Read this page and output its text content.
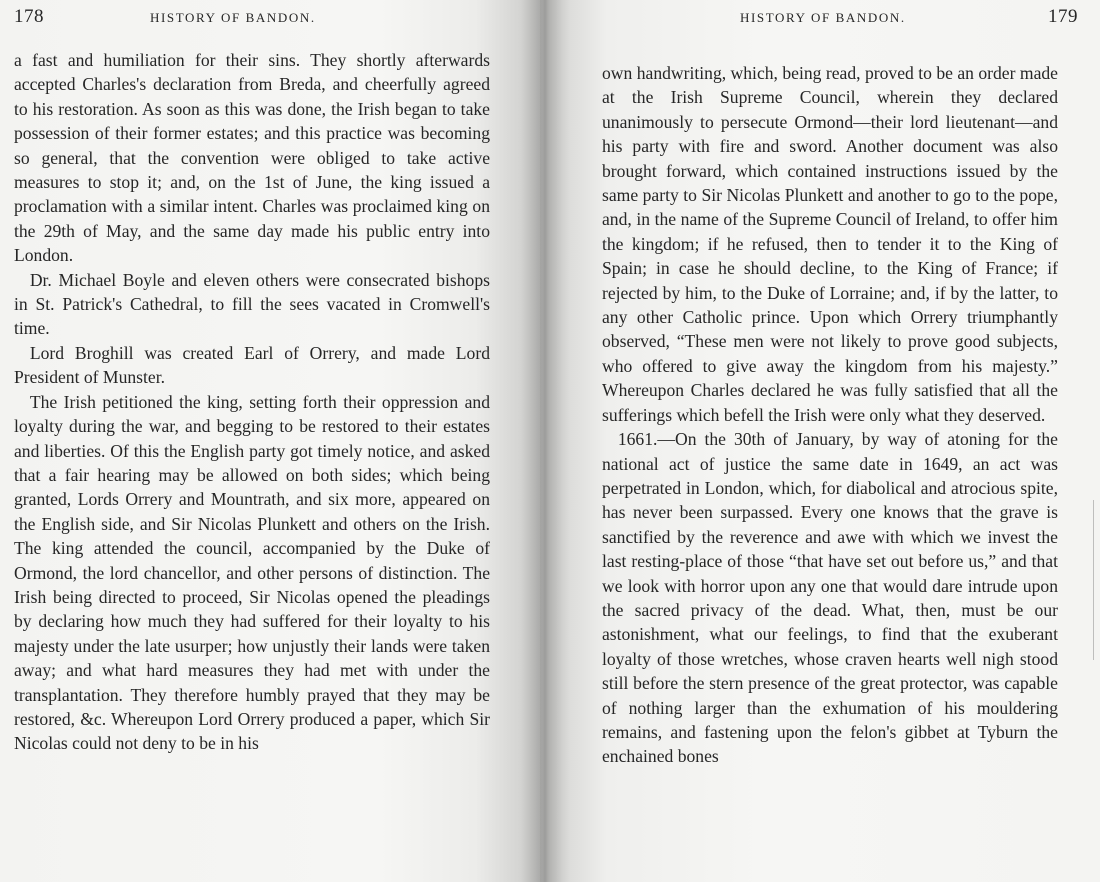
178	HISTORY OF BANDON.

a fast and humiliation for their sins. They shortly afterwards accepted Charles's declaration from Breda, and cheerfully agreed to his restoration. As soon as this was done, the Irish began to take possession of their former estates; and this practice was becoming so general, that the convention were obliged to take active measures to stop it; and, on the 1st of June, the king issued a proclamation with a similar intent. Charles was proclaimed king on the 29th of May, and the same day made his public entry into London.

Dr. Michael Boyle and eleven others were consecrated bishops in St. Patrick's Cathedral, to fill the sees vacated in Cromwell's time.

Lord Broghill was created Earl of Orrery, and made Lord President of Munster.

The Irish petitioned the king, setting forth their oppression and loyalty during the war, and begging to be restored to their estates and liberties. Of this the English party got timely notice, and asked that a fair hearing may be allowed on both sides; which being granted, Lords Orrery and Mountrath, and six more, appeared on the English side, and Sir Nicolas Plunkett and others on the Irish. The king attended the council, accompanied by the Duke of Ormond, the lord chancellor, and other persons of distinction. The Irish being directed to proceed, Sir Nicolas opened the pleadings by declaring how much they had suffered for their loyalty to his majesty under the late usurper; how unjustly their lands were taken away; and what hard measures they had met with under the transplantation. They therefore humbly prayed that they may be restored, &c. Whereupon Lord Orrery produced a paper, which Sir Nicolas could not deny to be in his

HISTORY OF BANDON.	179

own handwriting, which, being read, proved to be an order made at the Irish Supreme Council, wherein they declared unanimously to persecute Ormond—their lord lieutenant—and his party with fire and sword. Another document was also brought forward, which contained instructions issued by the same party to Sir Nicolas Plunkett and another to go to the pope, and, in the name of the Supreme Council of Ireland, to offer him the kingdom; if he refused, then to tender it to the King of Spain; in case he should decline, to the King of France; if rejected by him, to the Duke of Lorraine; and, if by the latter, to any other Catholic prince. Upon which Orrery triumphantly observed, “These men were not likely to prove good subjects, who offered to give away the kingdom from his majesty.” Whereupon Charles declared he was fully satisfied that all the sufferings which befell the Irish were only what they deserved.

1661.—On the 30th of January, by way of atoning for the national act of justice the same date in 1649, an act was perpetrated in London, which, for diabolical and atrocious spite, has never been surpassed. Every one knows that the grave is sanctified by the reverence and awe with which we invest the last resting-place of those “that have set out before us,” and that we look with horror upon any one that would dare intrude upon the sacred privacy of the dead. What, then, must be our astonishment, what our feelings, to find that the exuberant loyalty of those wretches, whose craven hearts well nigh stood still before the stern presence of the great protector, was capable of nothing larger than the exhumation of his mouldering remains, and fastening upon the felon's gibbet at Tyburn the enchained bones
